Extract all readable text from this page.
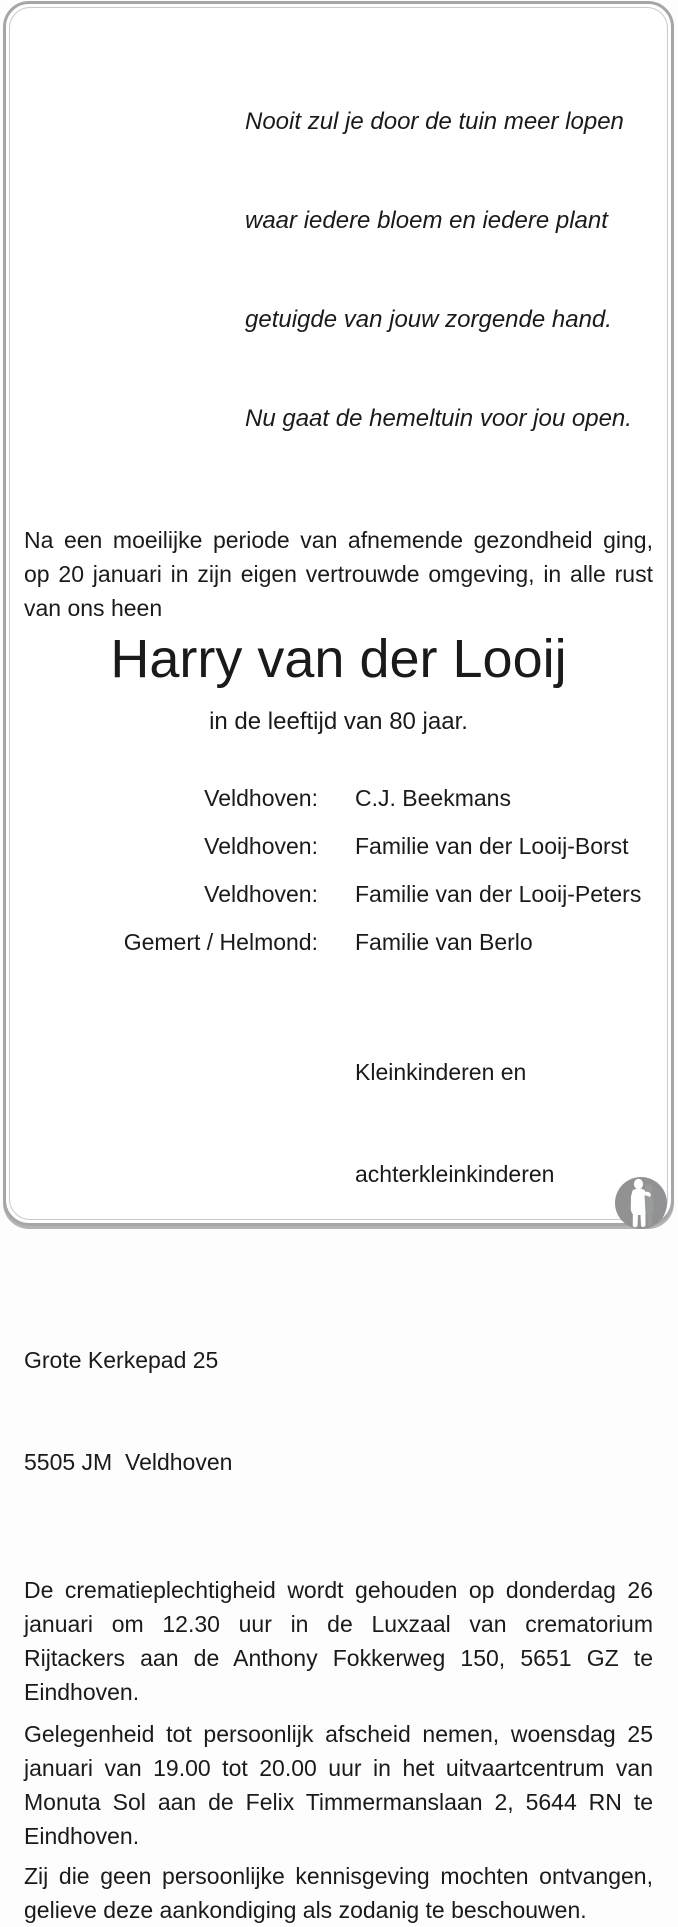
Nooit zul je door de tuin meer lopen

waar iedere bloem en iedere plant

getuigde van jouw zorgende hand.

Nu gaat de hemeltuin voor jou open.

Na een moeilijke periode van afnemende gezondheid ging, op 20 januari in zijn eigen vertrouwde omgeving, in alle rust van ons heen
Harry van der Looij
in de leeftijd van 80 jaar.
Veldhoven: C.J. Beekmans
Veldhoven: Familie van der Looij-Borst
Veldhoven: Familie van der Looij-Peters
Gemert / Helmond: Familie van Berlo

Kleinkinderen en

achterkleinkinderen

Grote Kerkepad 25

5505 JM  Veldhoven

De crematieplechtigheid wordt gehouden op donderdag 26 januari om 12.30 uur in de Luxzaal van crematorium Rijtackers aan de Anthony Fokkerweg 150, 5651 GZ te Eindhoven.
Gelegenheid tot persoonlijk afscheid nemen, woensdag 25 januari van 19.00 tot 20.00 uur in het uitvaartcentrum van Monuta Sol aan de Felix Timmermanslaan 2, 5644 RN te Eindhoven.
Zij die geen persoonlijke kennisgeving mochten ontvangen, gelieve deze aankondiging als zodanig te beschouwen.
